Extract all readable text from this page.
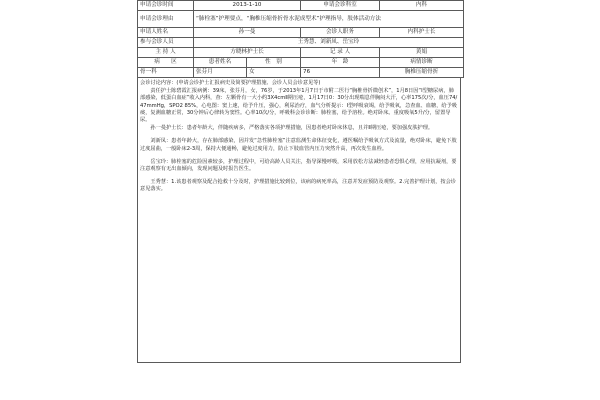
申请会诊时间	2013-1-10		申请会诊科室	内科
申请会诊理由	“肺栓塞”护理要点，“胸椎压缩骨折骨水泥成型术”护理指导，肢体活动方法			
申请人姓名	孙一曼		会诊人职务	内科护士长
参与会诊人员	王秀慧、刘新凤、岳宝玲			
主 持 人	方晓林护士长		记 录 人	黄娟
病　　区	患者姓名	性　别	年　龄	病情诊断
骨一科	张芬月	女	76	胸椎压缩骨折

会诊讨论内容：(申请会诊护士汇报病史及简要护理措施、会诊人员会诊意见等)

责任护士陈碧霞汇报病例：39床，张芬月，女，76岁，于2013年1月7日于市附二医行“胸椎骨折微创术”，1月8日因“Ⅰ型糖尿病，肺部感染，低蛋白血症”收入内科，查：左颗骨有一大小约3X4cmⅡ期压疮，1月17日0：30分出现喘息伴胸闷大汗，心率175次/分，血压74/47mmHg，SPO2 85%，心电图：窦上速，给予升压，强心，利尿治疗，血气分析提示：Ⅰ型呼吸衰竭，给予吸氧，急查血、血糖，给予吸痰，复测血糖正常，30分钟后心律转为窦性。心率10次/分，呼吸科会诊诊断：肺栓塞，给予溶栓。绝对卧床。重度吸氧5升/分，留置导尿。

孙一曼护士长：患者年龄大，伴随疾病多，严格落实各项护理措施，因患者绝对卧床休息，且并Ⅱ期压疮，要加强皮肤护理。

刘新凤：患者年龄大，存在肺部感染，因并发“急性肺栓塞”注意监测生命体征变化，遵医嘱给予吸氧方式及流量，绝对卧床，避免下肢过度屈曲，一般卧床2-3周，保持大便通畅，避免过度用力，防止下肢血管内压力突然升高，再次发生血栓。

岳宝玲：肺栓塞的危险因素较多，护理过程中，可给高龄人员关注，指导深慢呼吸，采用放松方法减轻患者恐惧心理，应用抗凝剂，要注意观察有无出血倾向，发现问题及时报告医生。

王秀慧：1.该患者观察及配合抢救十分及时，护理措施比较到位，该病的病死率高，注意并发症预防及观察。2.完善护理计划，按会诊意见落实。
